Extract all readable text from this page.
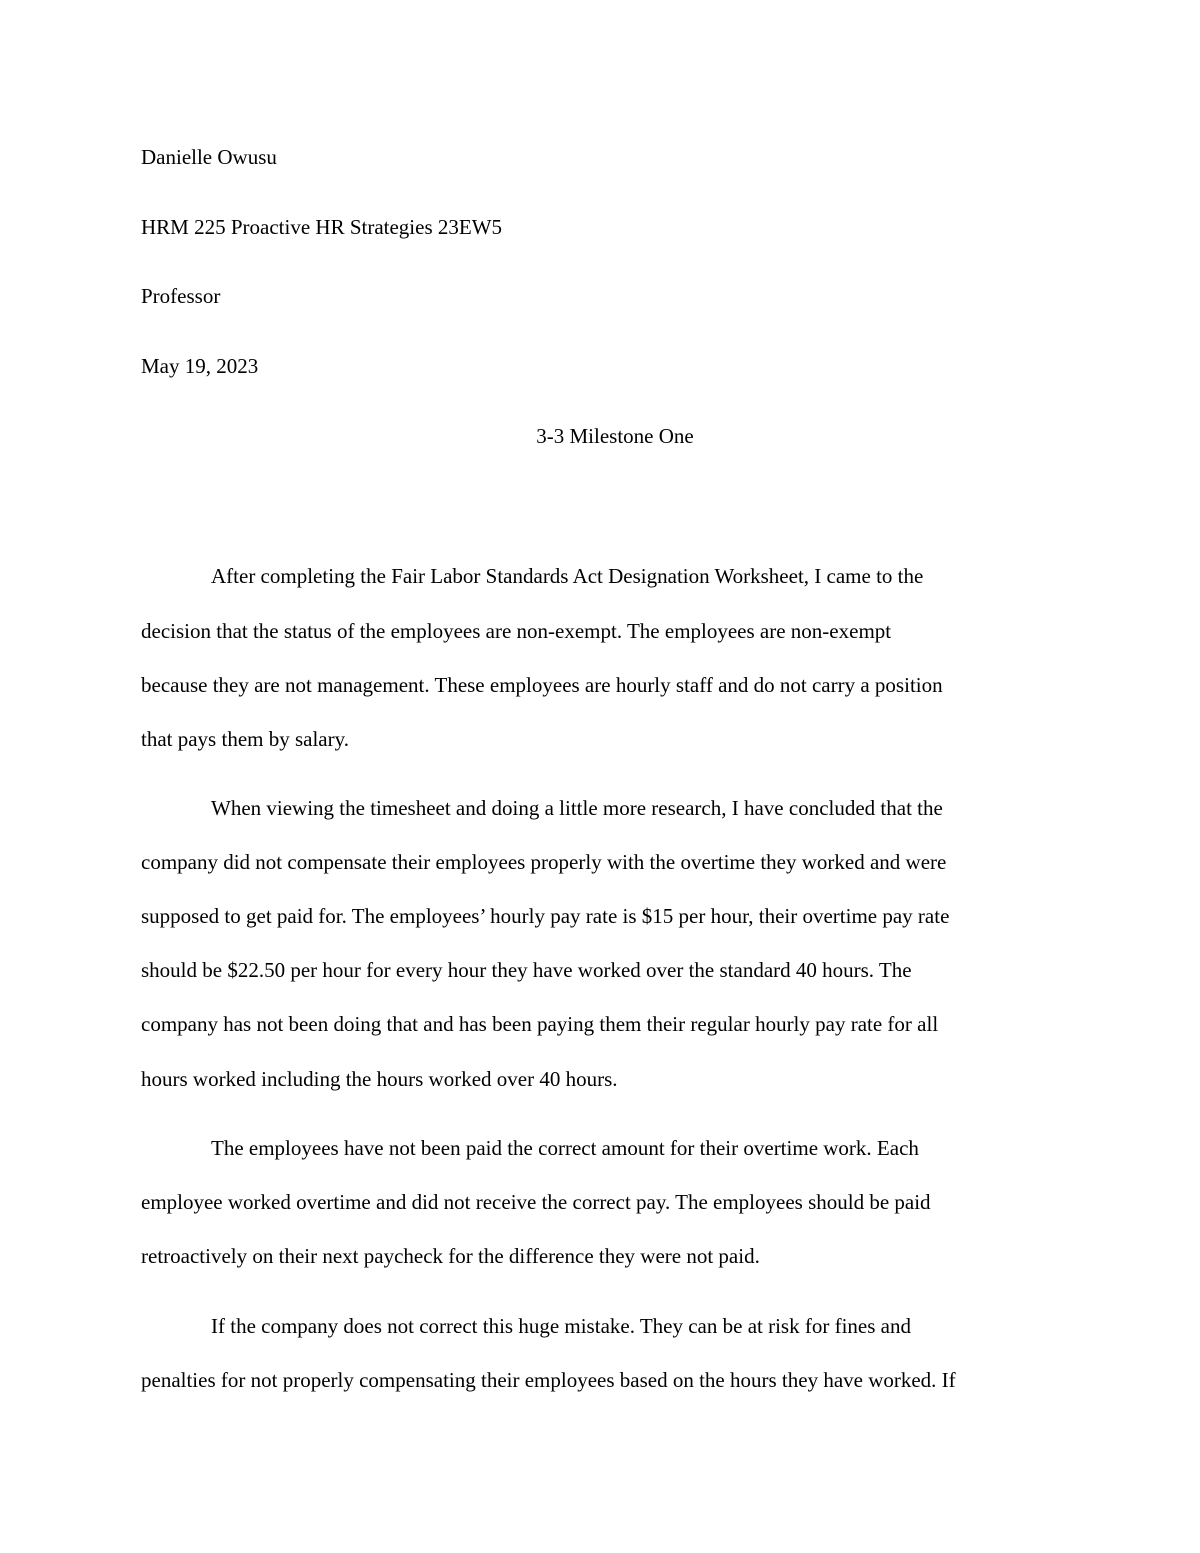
Danielle Owusu
HRM 225 Proactive HR Strategies 23EW5
Professor
May 19, 2023
3-3 Milestone One
After completing the Fair Labor Standards Act Designation Worksheet, I came to the
decision that the status of the employees are non-exempt. The employees are non-exempt
because they are not management. These employees are hourly staff and do not carry a position
that pays them by salary.
When viewing the timesheet and doing a little more research, I have concluded that the
company did not compensate their employees properly with the overtime they worked and were
supposed to get paid for. The employees’ hourly pay rate is $15 per hour, their overtime pay rate
should be $22.50 per hour for every hour they have worked over the standard 40 hours. The
company has not been doing that and has been paying them their regular hourly pay rate for all
hours worked including the hours worked over 40 hours.
The employees have not been paid the correct amount for their overtime work. Each
employee worked overtime and did not receive the correct pay. The employees should be paid
retroactively on their next paycheck for the difference they were not paid.
If the company does not correct this huge mistake. They can be at risk for fines and
penalties for not properly compensating their employees based on the hours they have worked. If
